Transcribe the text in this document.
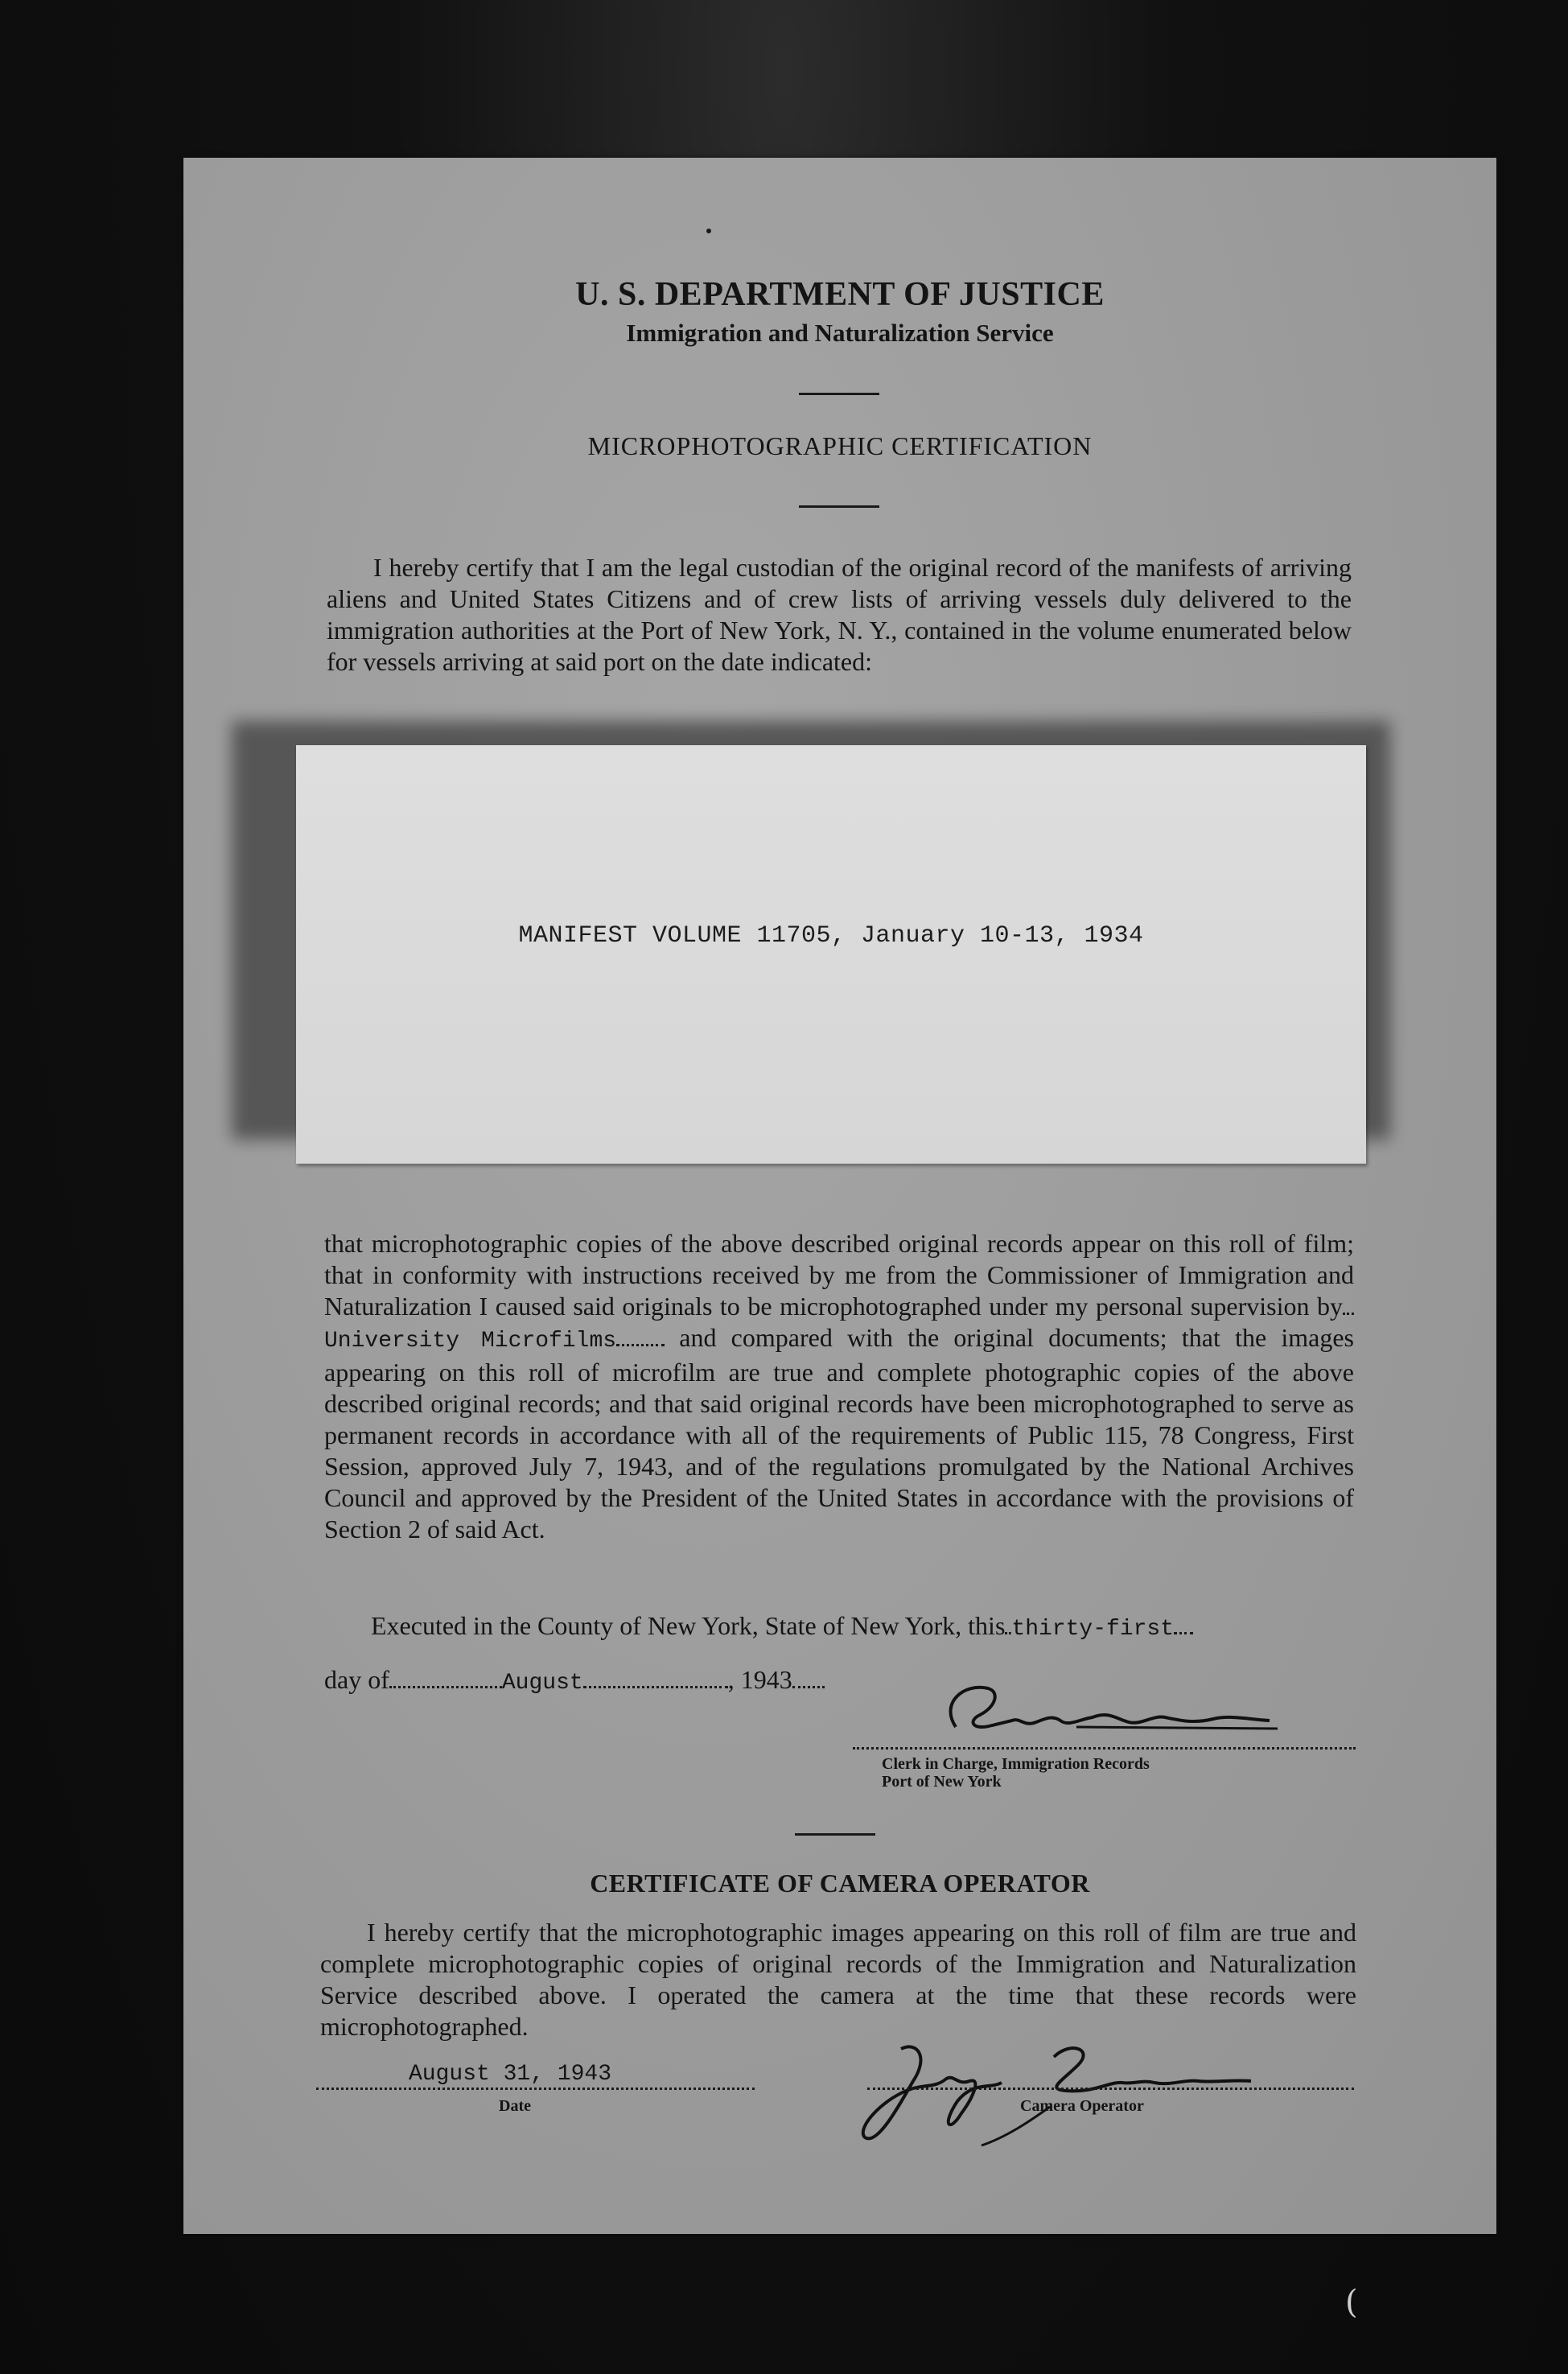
U. S. DEPARTMENT OF JUSTICE
Immigration and Naturalization Service
MICROPHOTOGRAPHIC CERTIFICATION
I hereby certify that I am the legal custodian of the original record of the manifests of arriving aliens and United States Citizens and of crew lists of arriving vessels duly delivered to the immigration authorities at the Port of New York, N. Y., contained in the volume enumerated below for vessels arriving at said port on the date indicated:
MANIFEST VOLUME 11705, January 10-13, 1934
that microphotographic copies of the above described original records appear on this roll of film; that in conformity with instructions received by me from the Commissioner of Immigration and Naturalization I caused said originals to be microphotographed under my personal supervision byUniversity Microfilms and compared with the original documents; that the images appearing on this roll of microfilm are true and complete photographic copies of the above described original records; and that said original records have been microphotographed to serve as permanent records in accordance with all of the requirements of Public 115, 78 Congress, First Session, approved July 7, 1943, and of the regulations promulgated by the National Archives Council and approved by the President of the United States in accordance with the provisions of Section 2 of said Act.
Executed in the County of New York, State of New York, this thirty-first
day of	August	, 1943
Clerk in Charge, Immigration Records
Port of New York
CERTIFICATE OF CAMERA OPERATOR
I hereby certify that the microphotographic images appearing on this roll of film are true and complete microphotographic copies of original records of the Immigration and Naturalization Service described above. I operated the camera at the time that these records were microphotographed.
August 31, 1943
Date	Camera Operator
(
